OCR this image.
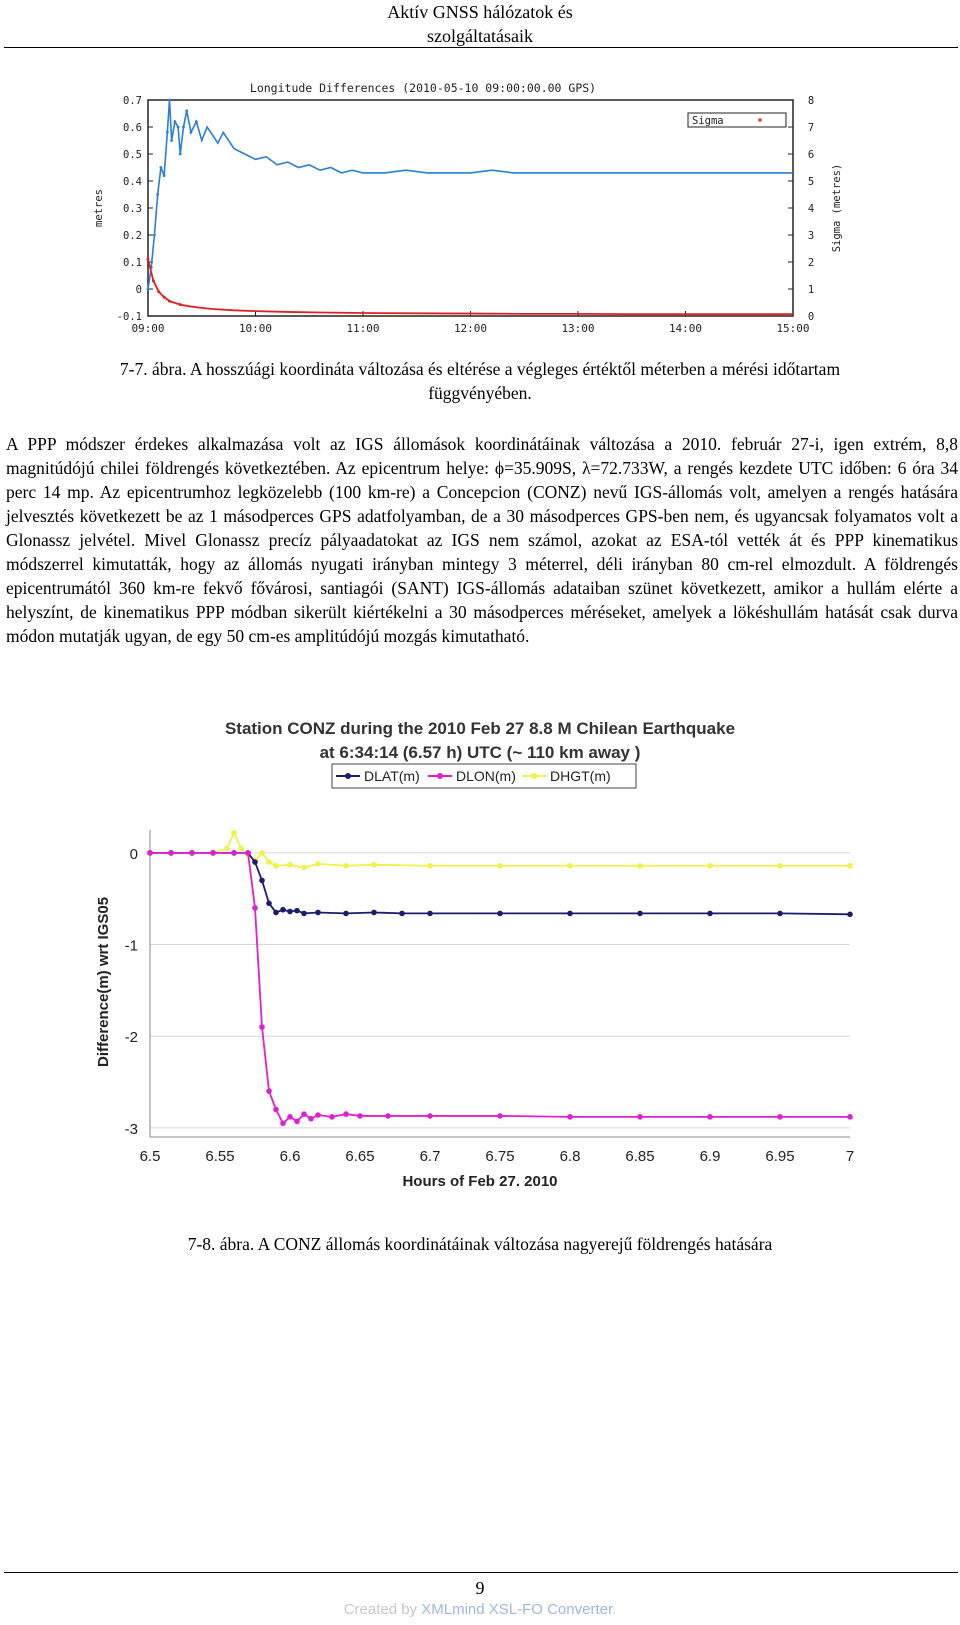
Aktív GNSS hálózatok és
szolgáltatásaik
Longitude Differences (2010-05-10 09:00:00.00 GPS)
09:00	10:00	11:00	12:00	13:00	14:00	15:00
-0.1
0
0.1
0.2
0.3
0.4
0.5
0.6
0.7
0
1
2
3
4
5
6
7
8
metres	Sigma (metres)
Sigma
7-7. ábra. A hosszúági koordináta változása és eltérése a végleges értéktől méterben a mérési időtartam
függvényében.
A PPP módszer érdekes alkalmazása volt az IGS állomások koordinátáinak változása a 2010. február 27-i, igen extrém, 8,8 magnitúdójú chilei földrengés következtében. Az epicentrum helye: ϕ=35.909S, λ=72.733W, a rengés kezdete UTC időben: 6 óra 34 perc 14 mp. Az epicentrumhoz legközelebb (100 km-re) a Concepcion (CONZ) nevű IGS-állomás volt, amelyen a rengés hatására jelvesztés következett be az 1 másodperces GPS adatfolyamban, de a 30 másodperces GPS-ben nem, és ugyancsak folyamatos volt a Glonassz jelvétel. Mivel Glonassz precíz pályaadatokat az IGS nem számol, azokat az ESA-tól vették át és PPP kinematikus módszerrel kimutatták, hogy az állomás nyugati irányban mintegy 3 méterrel, déli irányban 80 cm-rel elmozdult. A földrengés epicentrumától 360 km-re fekvő fővárosi, santiagói (SANT) IGS-állomás adataiban szünet következett, amikor a hullám elérte a helyszínt, de kinematikus PPP módban sikerült kiértékelni a 30 másodperces méréseket, amelyek a lökéshullám hatását csak durva módon mutatják ugyan, de egy 50 cm-es amplitúdójú mozgás kimutatható.
Station CONZ during the 2010 Feb 27 8.8 M Chilean Earthquake
at 6:34:14 (6.57 h) UTC (~ 110 km away )
0
-1
-2
-3
6.5	6.55	6.6	6.65	6.7	6.75	6.8	6.85	6.9	6.95	7
Hours of Feb 27. 2010
Difference(m) wrt IGS05
DLAT(m)	DLON(m) DHGT(m)
7-8. ábra. A CONZ állomás koordinátáinak változása nagyerejű földrengés hatására
9
Created by XMLmind XSL-FO Converter.
